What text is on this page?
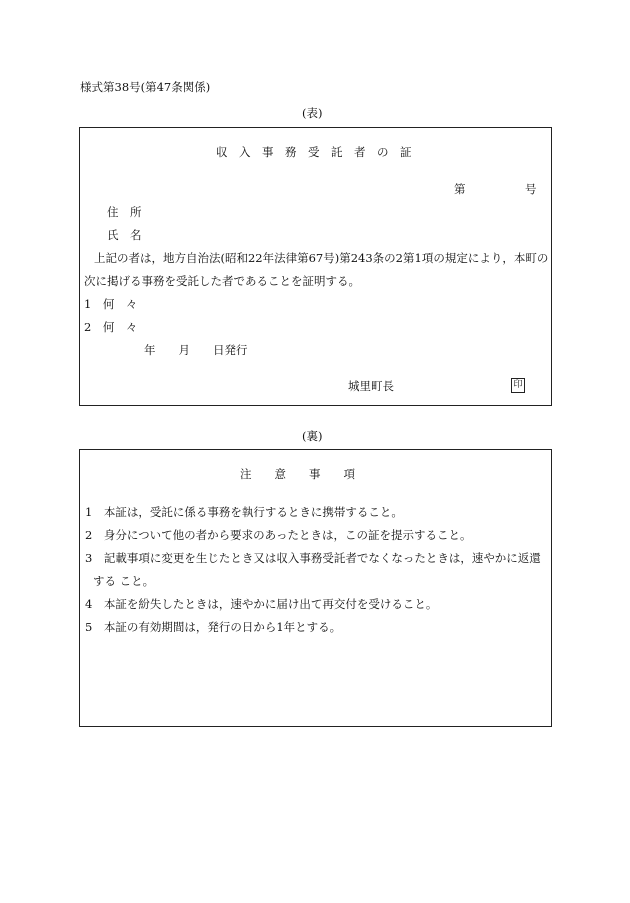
様式第38号(第47条関係)
(表)
収　入　事　務　受　託　者　の　証
第	号
住　所
氏　名
上記の者は，地方自治法(昭和22年法律第67号)第243条の2第1項の規定により，本町の
次に掲げる事務を受託した者であることを証明する。
1　何　々
2　何　々
年　　月　　日発行
城里町長	印
(裏)
注　　意　　事　　項
1　本証は，受託に係る事務を執行するときに携帯すること。
2　身分について他の者から要求のあったときは，この証を提示すること。
3　記載事項に変更を生じたとき又は収入事務受託者でなくなったときは，速やかに返還
する こと。
4　本証を紛失したときは，速やかに届け出て再交付を受けること。
5　本証の有効期間は，発行の日から1年とする。
